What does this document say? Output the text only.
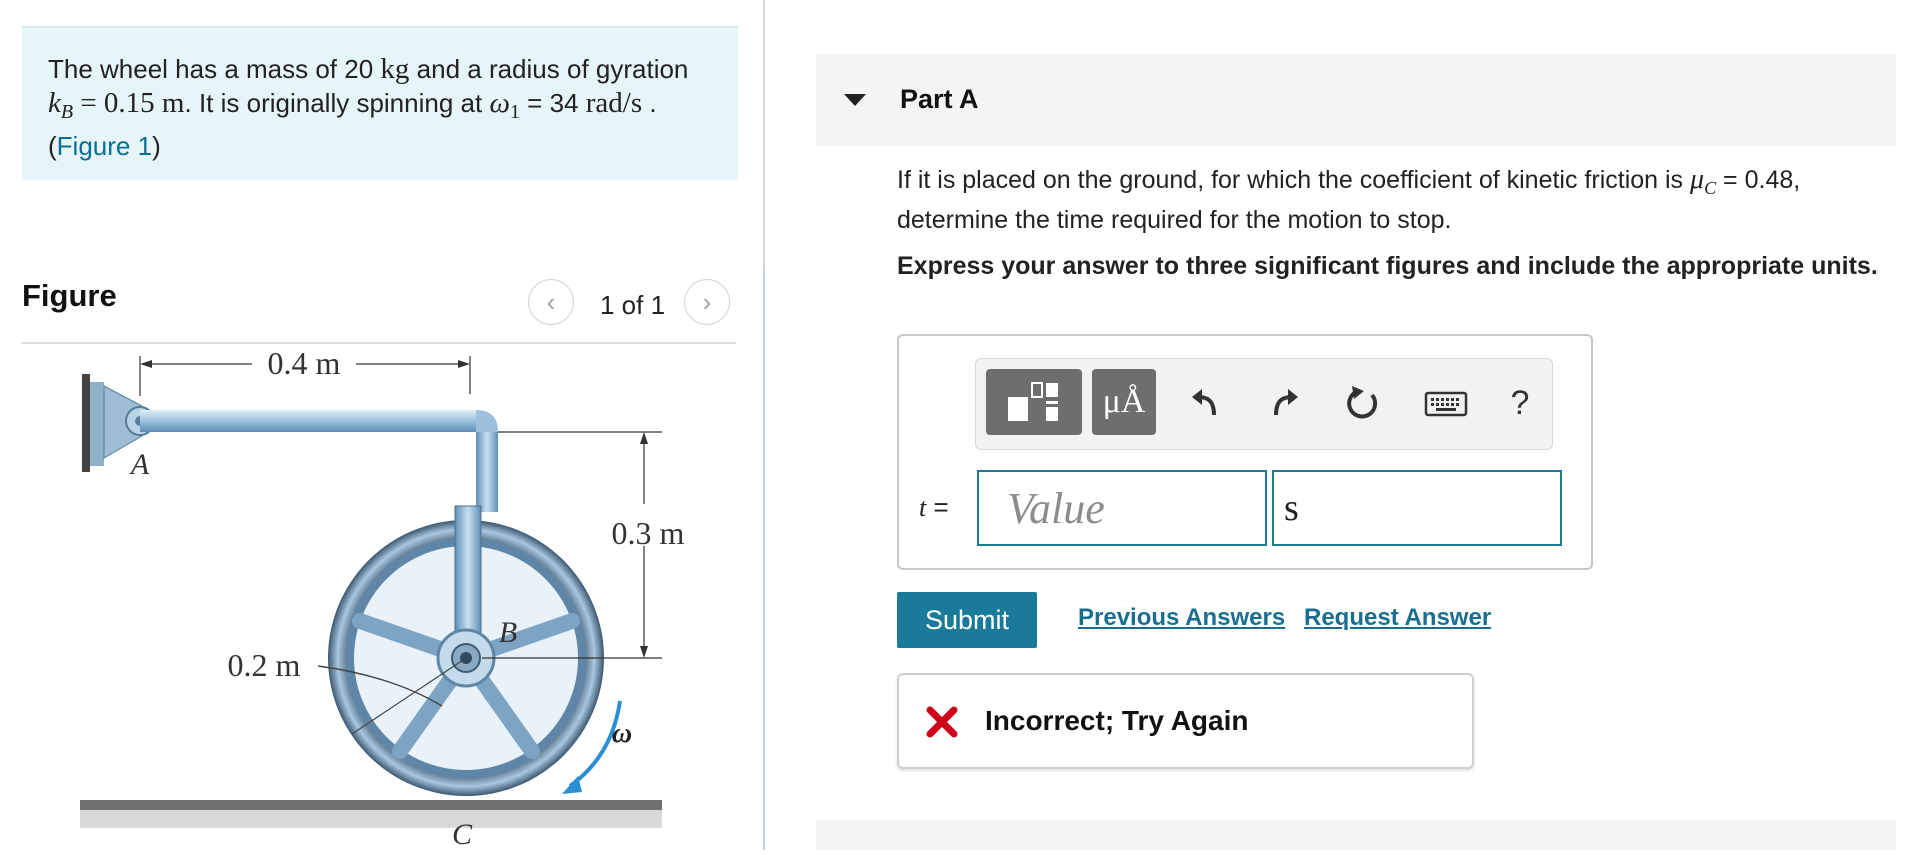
The wheel has a mass of 20 kg and a radius of gyration
$k_B = 0.15$ m. It is originally spinning at $\omega_1 = 34$ rad/s .
(Figure 1)
Figure	‹ 1 of 1 ›
0.4 m
0.3 m
0.2 m
A
B
C
ω
Part A
If it is placed on the ground, for which the coefficient of kinetic friction is $\mu_C = 0.48$,
determine the time required for the motion to stop.
Express your answer to three significant figures and include the appropriate units.
μÅ	?
t =
Value	s
Submit	Previous Answers Request Answer
Incorrect; Try Again
